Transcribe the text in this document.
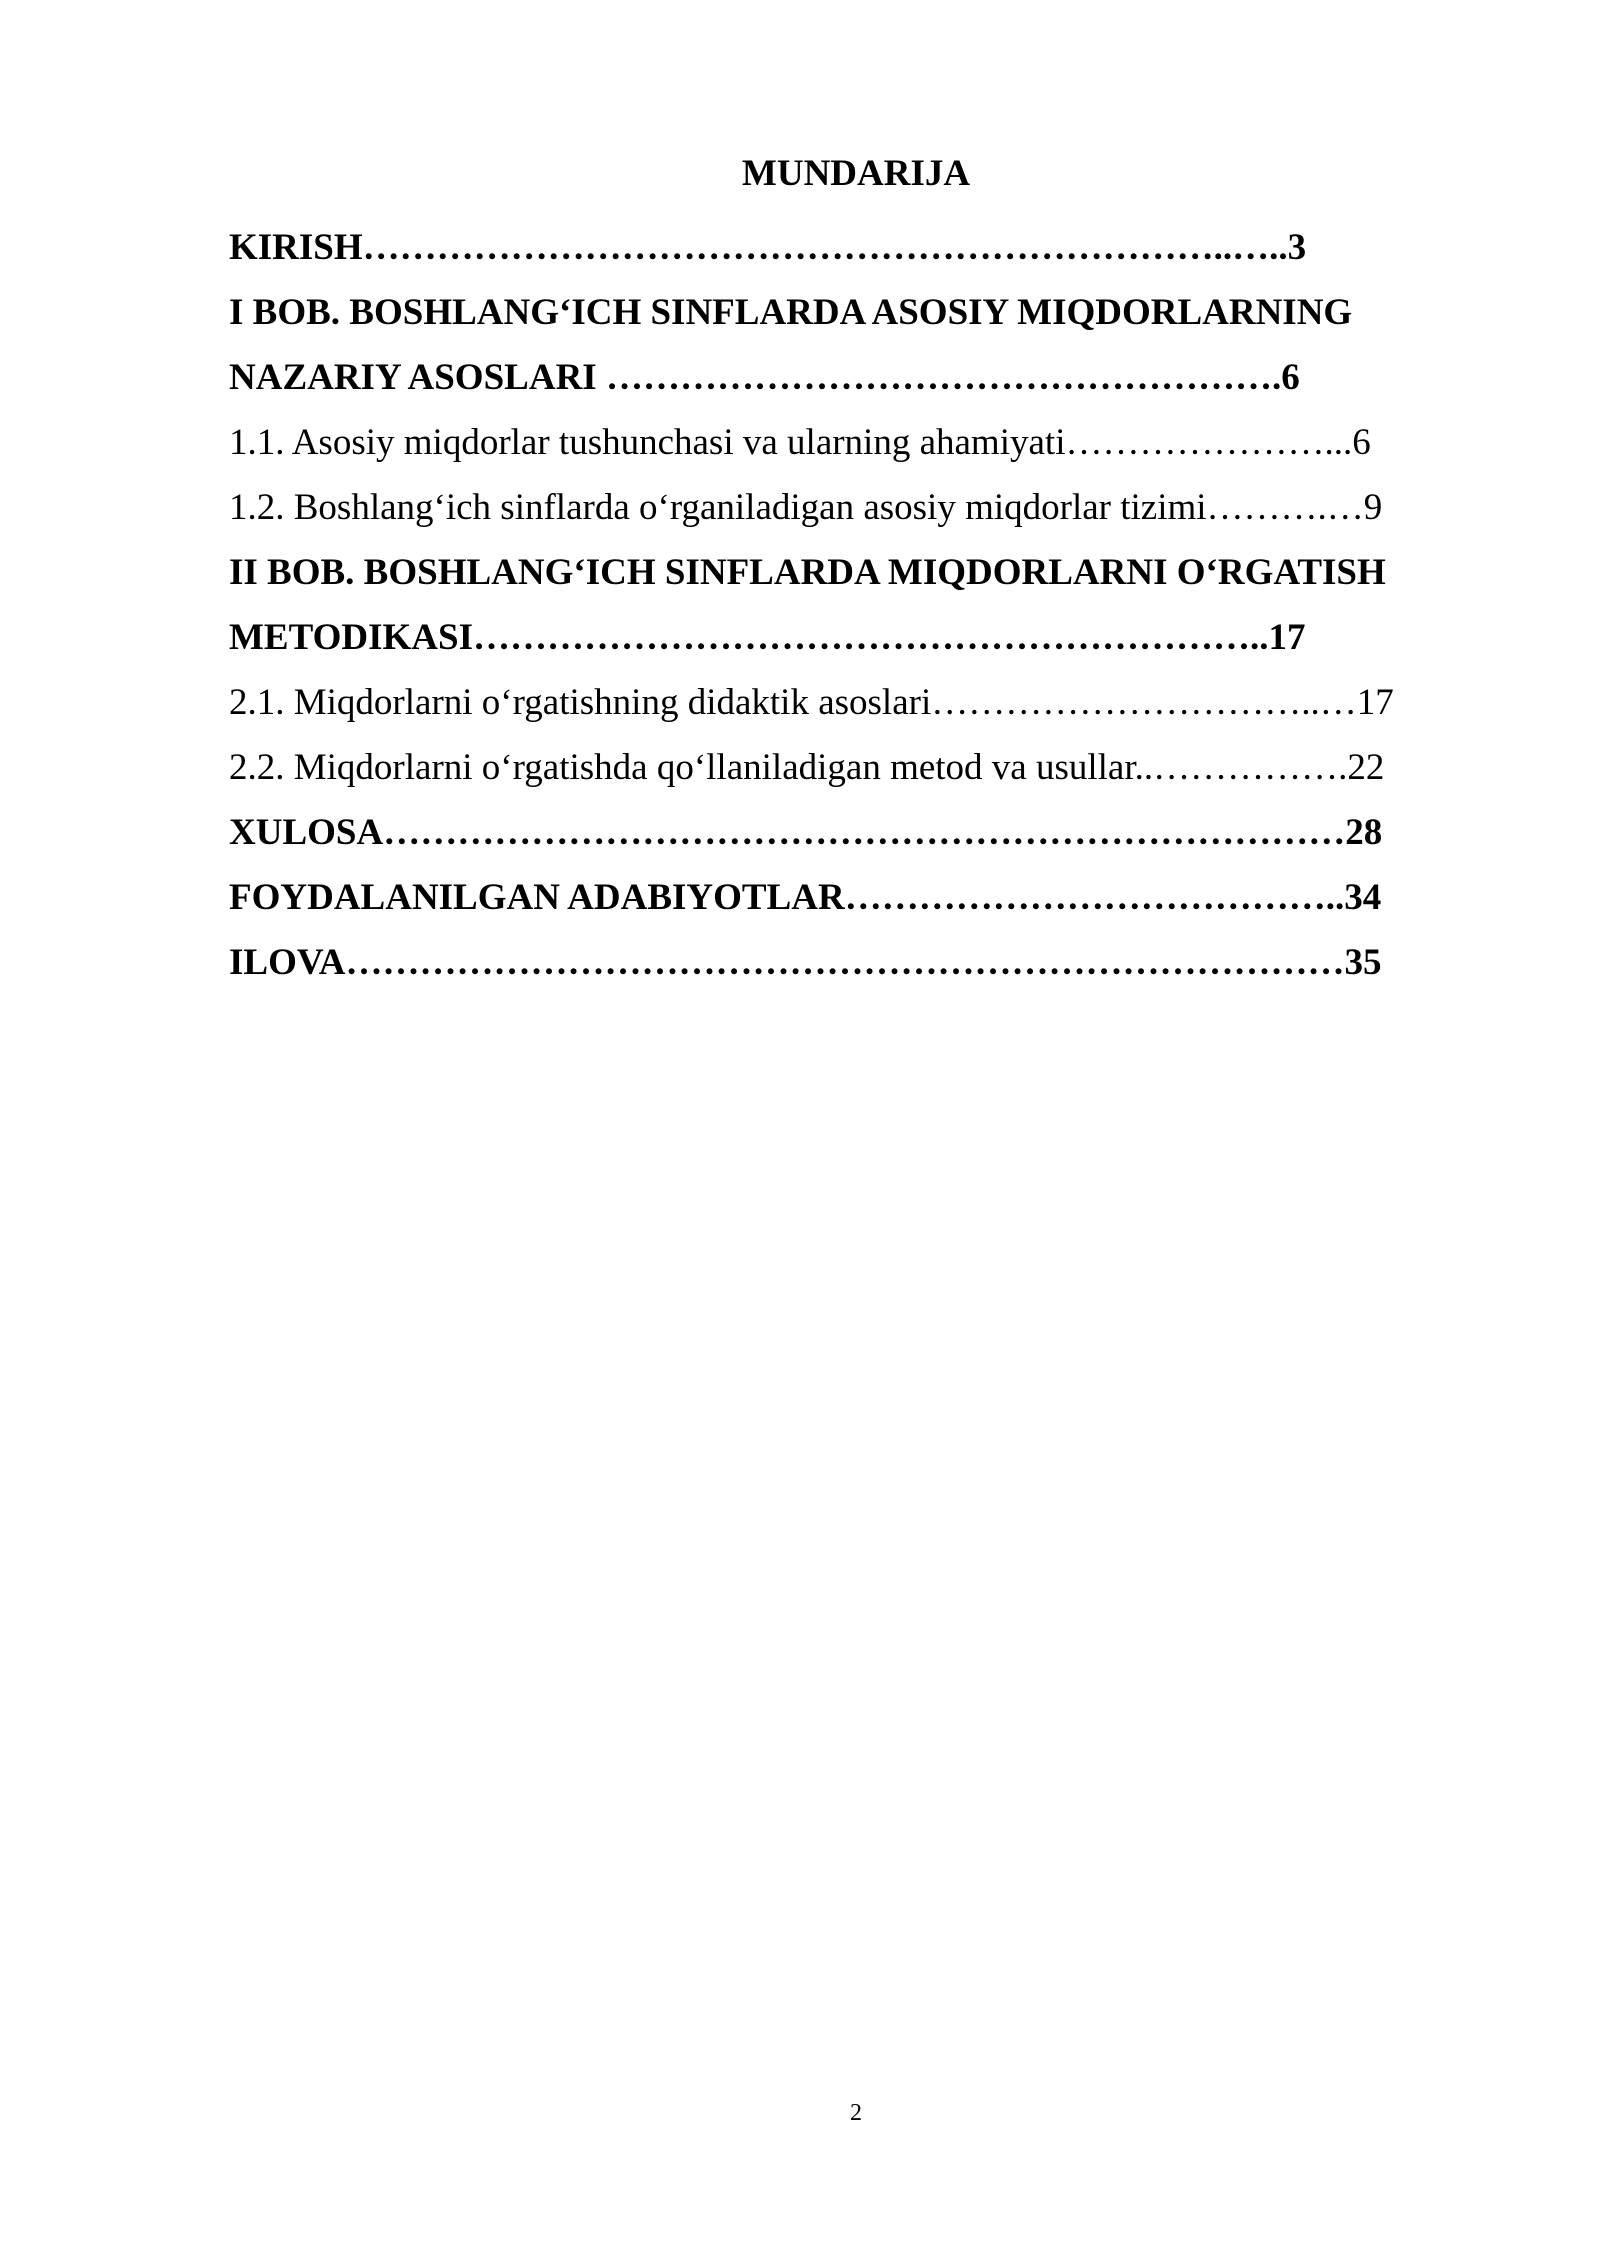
MUNDARIJA
KIRISH……………………………………………………………..…..3
I BOB. BOSHLANG‘ICH SINFLARDA ASOSIY MIQDORLARNING
NAZARIY ASOSLARI ……………………………………………….6
1.1. Asosiy miqdorlar tushunchasi va ularning ahamiyati…………………...6
1.2. Boshlang‘ich sinflarda o‘rganiladigan asosiy miqdorlar tizimi……….…9
II BOB. BOSHLANG‘ICH SINFLARDA MIQDORLARNI O‘RGATISH
METODIKASI………………………………………………………..17
2.1. Miqdorlarni o‘rgatishning didaktik asoslari…………………………..…17
2.2. Miqdorlarni o‘rgatishda qo‘llaniladigan metod va usullar..…………….22
XULOSA……………………………………………………………………28
FOYDALANILGAN ADABIYOTLAR…………………………………..34
ILOVA………………………………………………………………………35
2
